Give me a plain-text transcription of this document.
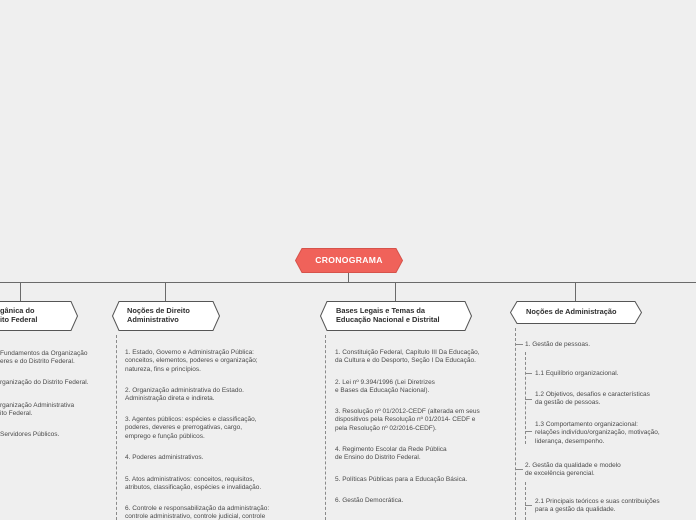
CRONOGRAMA
gânica do
ito Federal
Fundamentos da Organização
eres e do Distrito Federal.
rganização do Distrito Federal.
rganização Administrativa
ito Federal.
Servidores Públicos.
Noções de Direito
Administrativo
1. Estado, Governo e Administração Pública:
conceitos, elementos, poderes e organização;
natureza, fins e princípios.
2. Organização administrativa do Estado.
Administração direta e indireta.
3. Agentes públicos: espécies e classificação,
poderes, deveres e prerrogativas, cargo,
emprego e função públicos.
4. Poderes administrativos.
5. Atos administrativos: conceitos, requisitos,
atributos, classificação, espécies e invalidação.
6. Controle e responsabilização da administração:
controle administrativo, controle judicial, controle
Bases Legais e Temas da
Educação Nacional e Distrital
1. Constituição Federal, Capítulo III Da Educação,
da Cultura e do Desporto, Seção I Da Educação.
2. Lei nº 9.394/1996 (Lei Diretrizes
e Bases da Educação Nacional).
3. Resolução nº 01/2012-CEDF (alterada em seus
dispositivos pela Resolução nº 01/2014- CEDF e
pela Resolução nº 02/2016-CEDF).
4. Regimento Escolar da Rede Pública
de Ensino do Distrito Federal.
5. Políticas Públicas para a Educação Básica.
6. Gestão Democrática.
Noções de Administração
1. Gestão de pessoas.
1.1 Equilíbrio organizacional.
1.2 Objetivos, desafios e características
da gestão de pessoas.
1.3 Comportamento organizacional:
relações indivíduo/organização, motivação,
liderança, desempenho.
2. Gestão da qualidade e modelo
de excelência gerencial.
2.1 Principais teóricos e suas contribuições
para a gestão da qualidade.
